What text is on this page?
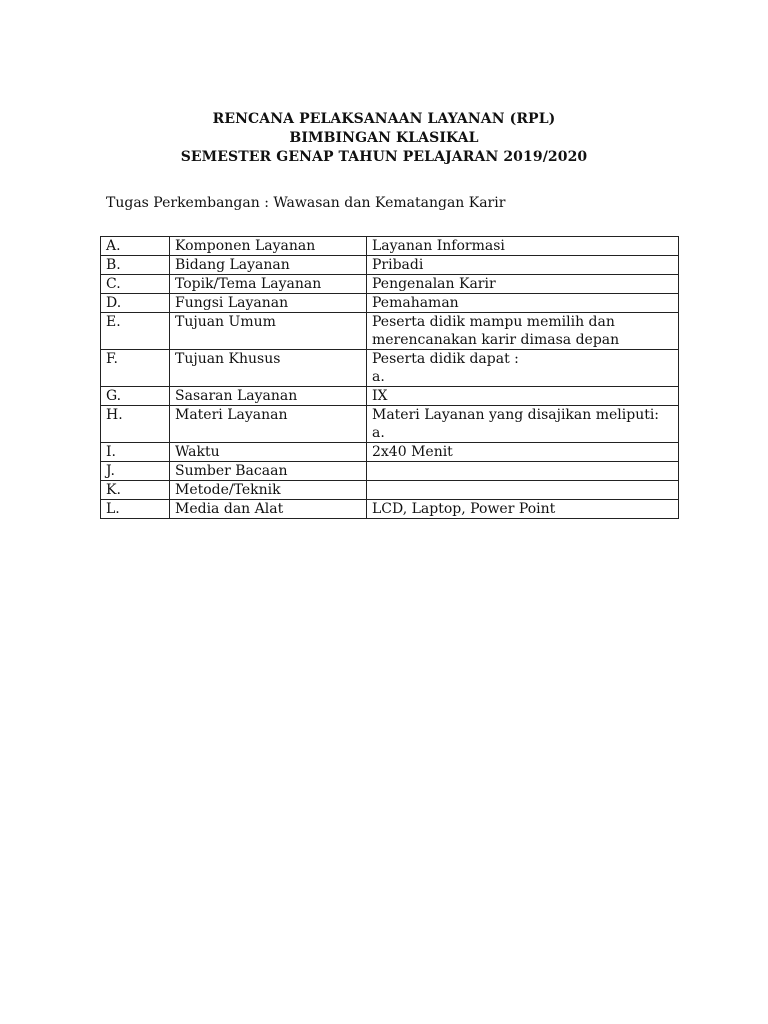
RENCANA PELAKSANAAN LAYANAN (RPL)
BIMBINGAN KLASIKAL
SEMESTER GENAP TAHUN PELAJARAN 2019/2020
Tugas Perkembangan : Wawasan dan Kematangan Karir
A.	Komponen Layanan	Layanan Informasi

B.	Bidang Layanan	Pribadi

C.	Topik/Tema Layanan	Pengenalan Karir

D.	Fungsi Layanan	Pemahaman

E.	Tujuan Umum	Peserta didik mampu memilih dan
merencanakan karir dimasa depan

F.	Tujuan Khusus	Peserta didik dapat :
a.

G.	Sasaran Layanan	IX

H.	Materi Layanan	Materi Layanan yang disajikan meliputi:
a.

I.	Waktu	2x40 Menit

J.	Sumber Bacaan	

K.	Metode/Teknik	

L.	Media dan Alat	LCD, Laptop, Power Point
